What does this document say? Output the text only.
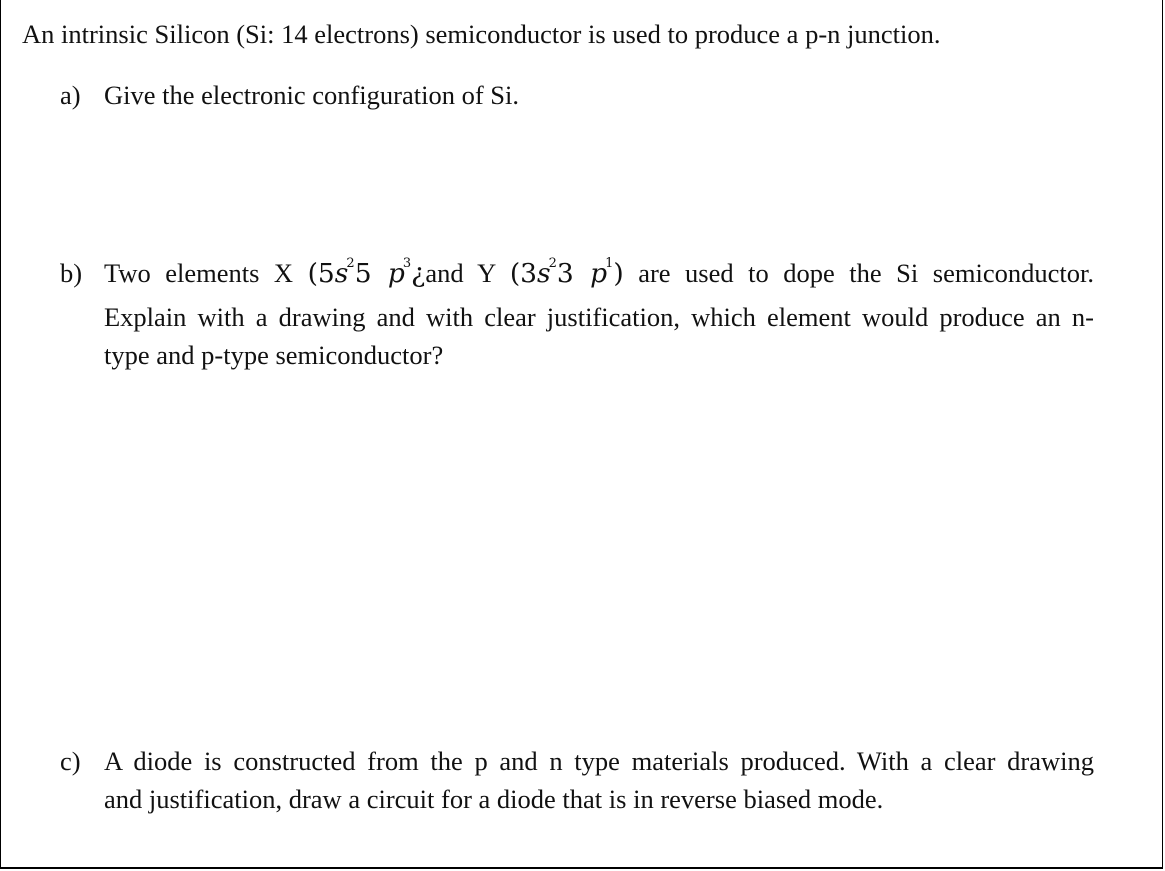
An intrinsic Silicon (Si: 14 electrons) semiconductor is used to produce a p-n junction.
a) Give the electronic configuration of Si.
b) Two elements X ($5s^25$ $p^3¿and$ Y ($3s^23$ $p^1$) are used to dope the Si semiconductor.
Explain with a drawing and with clear justification, which element would produce an n-
type and p-type semiconductor?
c) A diode is constructed from the p and n type materials produced. With a clear drawing
and justification, draw a circuit for a diode that is in reverse biased mode.
